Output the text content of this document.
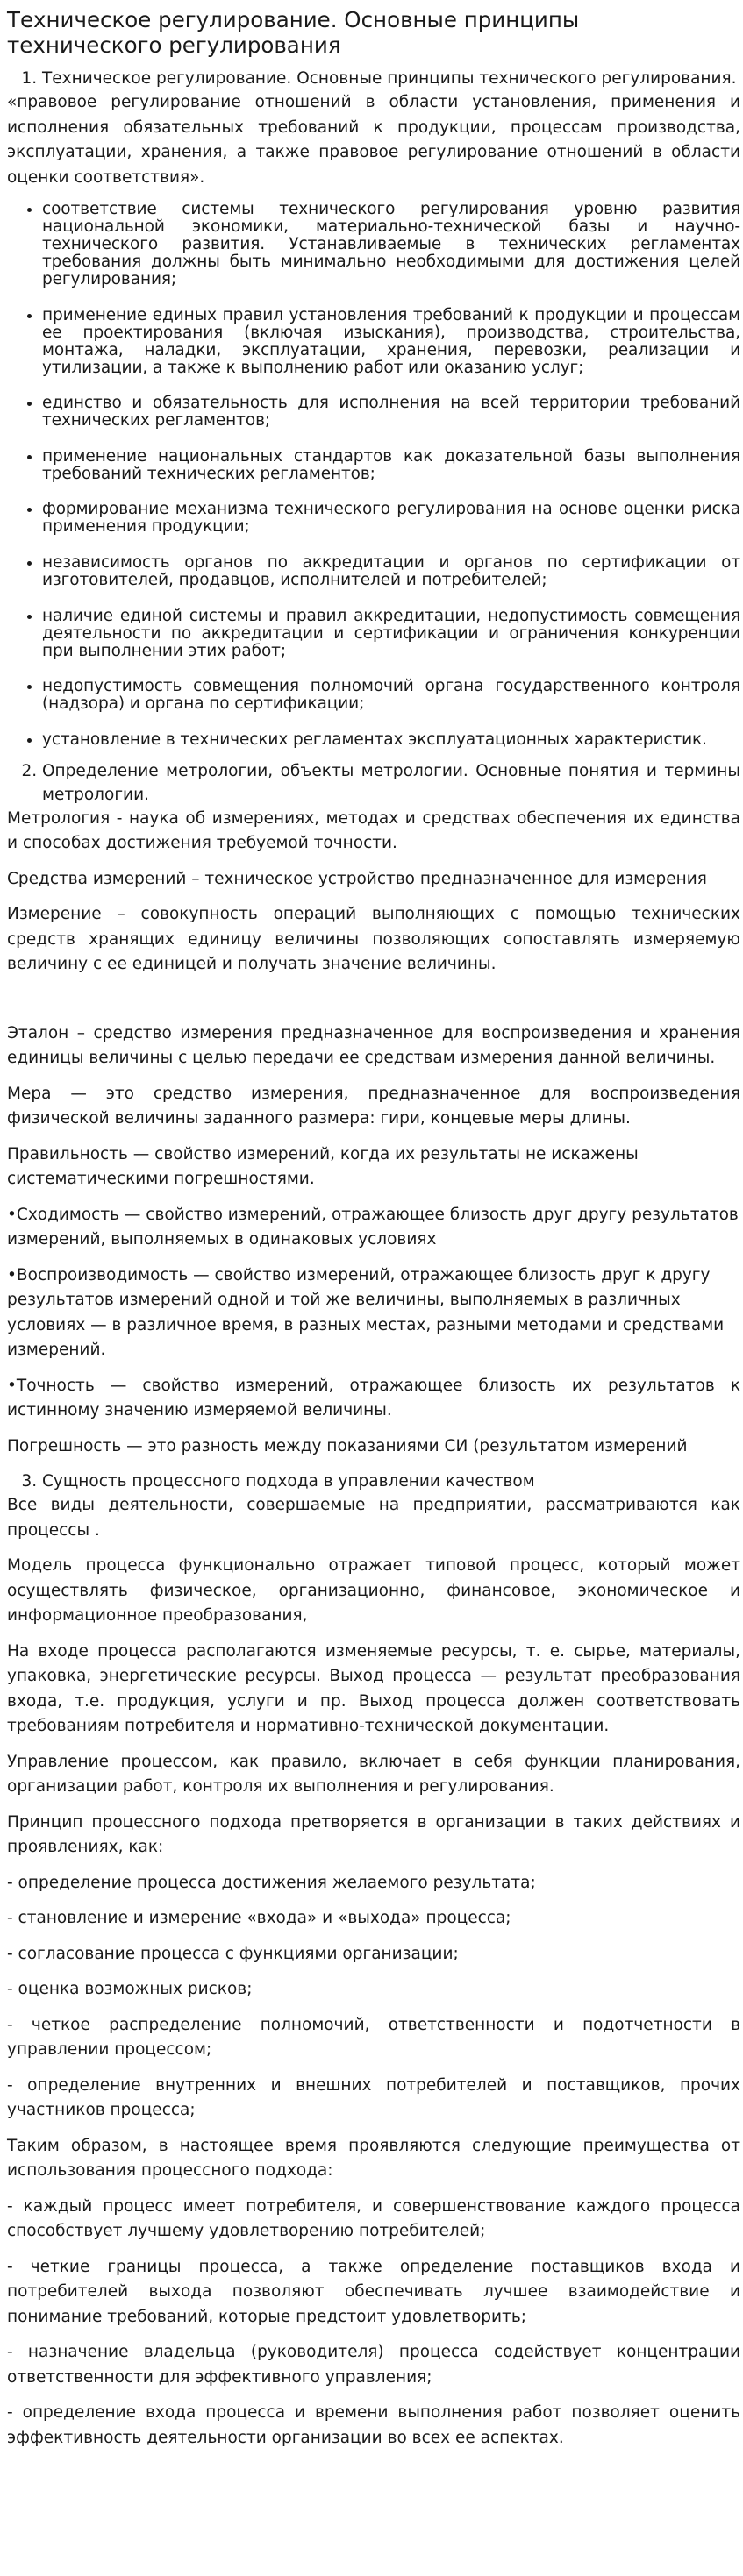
Техническое регулирование. Основные принципы технического регулирования
1. Техническое регулирование. Основные принципы технического регулирования.

«правовое регулирование отношений в области установления, применения и исполнения обязательных требований к продукции, процессам производства, эксплуатации, хранения, а также правовое регулирование отношений в области оценки соответствия».

• соответствие системы технического регулирования уровню развития национальной экономики, материально-технической базы и научно-технического развития. Устанавливаемые в технических регламентах требования должны быть минимально необходимыми для достижения целей регулирования;
• применение единых правил установления требований к продукции и процессам ее проектирования (включая изыскания), производства, строительства, монтажа, наладки, эксплуатации, хранения, перевозки, реализации и утилизации, а также к выполнению работ или оказанию услуг;
• единство и обязательность для исполнения на всей территории требований технических регламентов;
• применение национальных стандартов как доказательной базы выполнения требований технических регламентов;
• формирование механизма технического регулирования на основе оценки риска применения продукции;
• независимость органов по аккредитации и органов по сертификации от изготовителей, продавцов, исполнителей и потребителей;
• наличие единой системы и правил аккредитации, недопустимость совмещения деятельности по аккредитации и сертификации и ограничения конкуренции при выполнении этих работ;
• недопустимость совмещения полномочий органа государственного контроля (надзора) и органа по сертификации;
• установление в технических регламентах эксплуатационных характеристик.
2. Определение метрологии, объекты метрологии. Основные понятия и термины метрологии.

Метрология - наука об измерениях, методах и средствах обеспечения их единства и способах достижения требуемой точности.

Средства измерений – техническое устройство предназначенное для измерения

Измерение – совокупность операций выполняющих с помощью технических средств хранящих единицу величины позволяющих сопоставлять измеряемую величину с ее единицей и получать значение величины.

Эталон – средство измерения предназначенное для воспроизведения и хранения единицы величины с целью передачи ее средствам измерения данной величины.

Мера — это средство измерения, предназначенное для воспроизведения физической величины заданного размера: гири, концевые меры длины.

Правильность — свойство измерений, когда их результаты не искажены систематическими погрешностями.

•Сходимость — свойство измерений, отражающее близость друг другу результатов измерений, выполняемых в одинаковых условиях

•Воспроизводимость — свойство измерений, отражающее близость друг к другу результатов измерений одной и той же величины, выполняемых в различных условиях — в различное время, в разных местах, разными методами и средствами измерений.

•Точность — свойство измерений, отражающее близость их результатов к истинному значению измеряемой величины.

Погрешность — это разность между показаниями СИ (результатом измерений

3. Сущность процессного подхода в управлении качеством

Все виды деятельности, совершаемые на предприятии, рассматриваются как процессы .

Модель процесса функционально отражает типовой процесс, который может осуществлять физическое, организационно, финансовое, экономическое и информационное преобразования,

На входе процесса располагаются изменяемые ресурсы, т. е. сырье, материалы, упаковка, энергетические ресурсы. Выход процесса — результат преобразования входа, т.е. продукция, услуги и пр. Выход процесса должен соответствовать требованиям потребителя и нормативно-технической документации.

Управление процессом, как правило, включает в себя функции планирования, организации работ, контроля их выполнения и регулирования.

Принцип процессного подхода претворяется в организации в таких действиях и проявлениях, как:

- определение процесса достижения желаемого результата;

- становление и измерение «входа» и «выхода» процесса;

- согласование процесса с функциями организации;

- оценка возможных рисков;

- четкое распределение полномочий, ответственности и подотчетности в управлении процессом;

- определение внутренних и внешних потребителей и поставщиков, прочих участников процесса;

Таким образом, в настоящее время проявляются следующие преимущества от использования процессного подхода:

- каждый процесс имеет потребителя, и совершенствование каждого процесса способствует лучшему удовлетворению потребителей;

- четкие границы процесса, а также определение поставщиков входа и потребителей выхода позволяют обеспечивать лучшее взаимодействие и понимание требований, которые предстоит удовлетворить;

- назначение владельца (руководителя) процесса содействует концентрации ответственности для эффективного управления;

- определение входа процесса и времени выполнения работ позволяет оценить эффективность деятельности организации во всех ее аспектах.
